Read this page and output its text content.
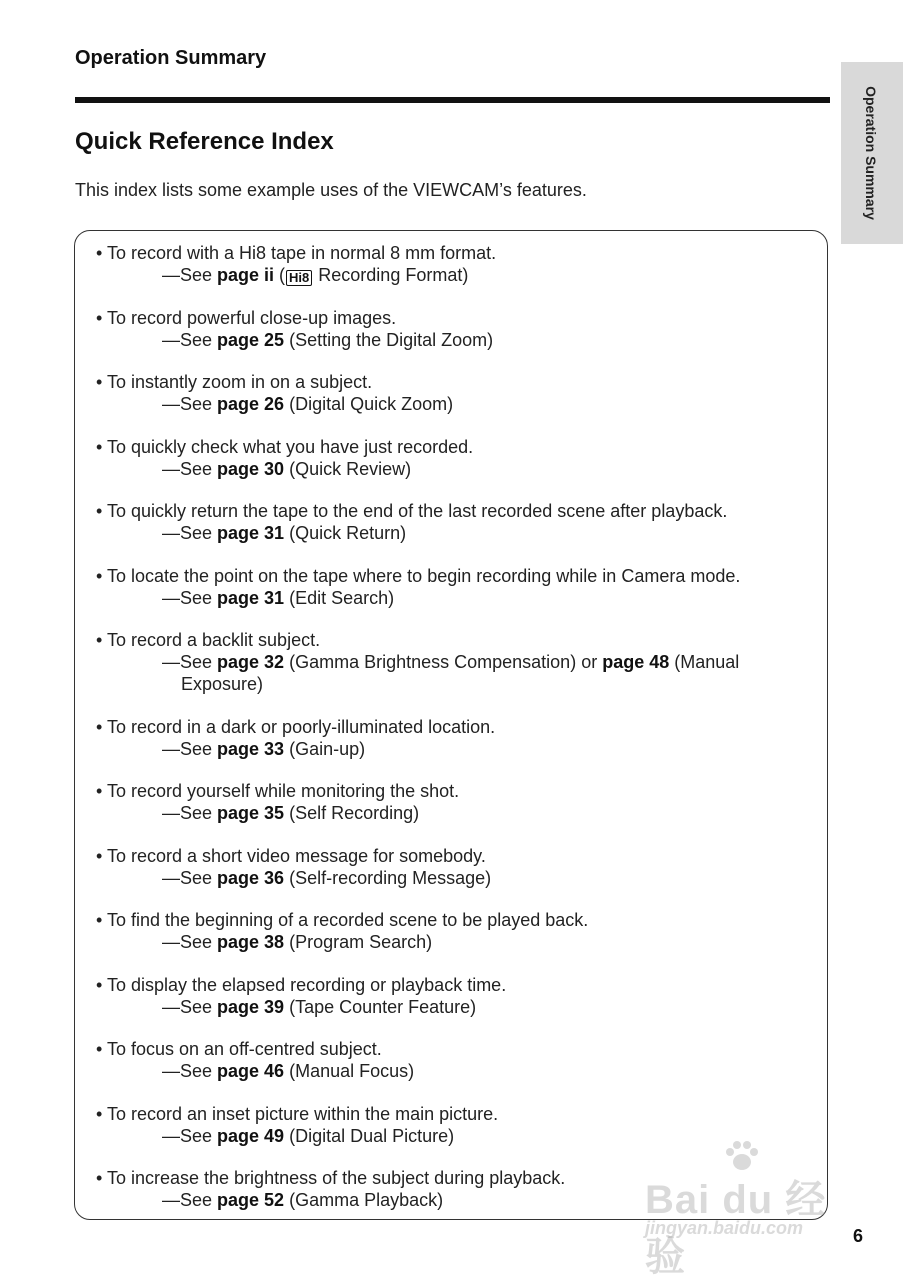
Operation Summary
Operation Summary
Quick Reference Index
This index lists some example uses of the VIEWCAM’s features.
• To record with a Hi8 tape in normal 8 mm format.
—See page ii ( Hi8 Recording Format)
• To record powerful close-up images.
—See page 25 (Setting the Digital Zoom)
• To instantly zoom in on a subject.
—See page 26 (Digital Quick Zoom)
• To quickly check what you have just recorded.
—See page 30 (Quick Review)
• To quickly return the tape to the end of the last recorded scene after playback.
—See page 31 (Quick Return)
• To locate the point on the tape where to begin recording while in Camera mode.
—See page 31 (Edit Search)
• To record a backlit subject.
—See page 32 (Gamma Brightness Compensation) or page 48 (Manual
Exposure)
• To record in a dark or poorly-illuminated location.
—See page 33 (Gain-up)
• To record yourself while monitoring the shot.
—See page 35 (Self Recording)
• To record a short video message for somebody.
—See page 36 (Self-recording Message)
• To find the beginning of a recorded scene to be played back.
—See page 38 (Program Search)
• To display the elapsed recording or playback time.
—See page 39 (Tape Counter Feature)
• To focus on an off-centred subject.
—See page 46 (Manual Focus)
• To record an inset picture within the main picture.
—See page 49 (Digital Dual Picture)
• To increase the brightness of the subject during playback.
—See page 52 (Gamma Playback)	Bai du 经验
jingyan.baidu.com	6
